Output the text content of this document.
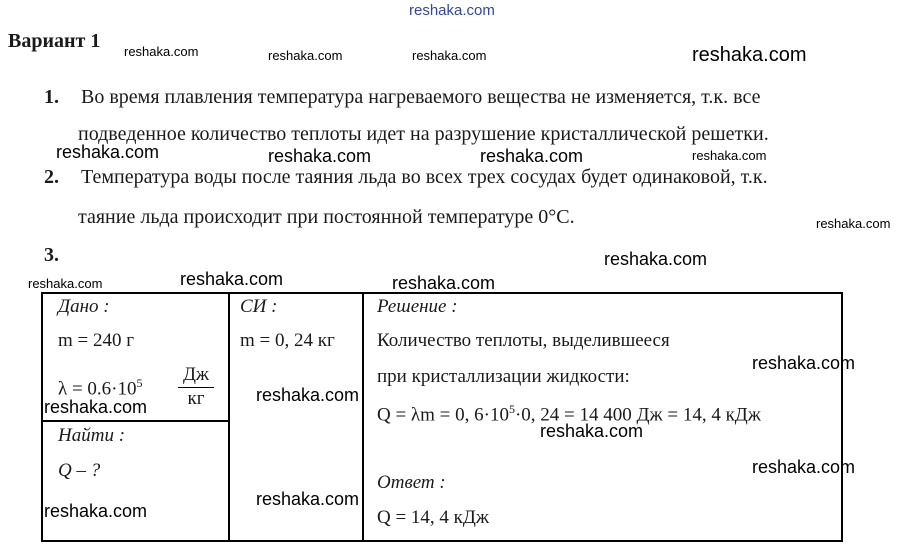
reshaka.com
Вариант 1
1. Во время плавления температура нагреваемого вещества не изменяется, т.к. все
подведенное количество теплоты идет на разрушение кристаллической решетки.
2. Температура воды после таяния льда во всех трех сосудах будет одинаковой, т.к.
таяние льда происходит при постоянной температуре 0°С.
3.
Дано :
m = 240 г
$\lambda = 0.6\cdot 10^5$ Дж
кг
Найти :
Q – ?
СИ :
m = 0, 24 кг
Решение :
Количество теплоты, выделившееся
при кристаллизации жидкости:
Q = λm = 0, $6\cdot 10^5\cdot 0$, 24 = 14 400 Дж = 14, 4 кДж
Ответ :
Q = 14, 4 кДж
reshaka.com	reshaka.com	reshaka.com	reshaka.com
reshaka.com	reshaka.com	reshaka.com	reshaka.com
reshaka.com
reshaka.com
reshaka.com	reshaka.com
reshaka.com
reshaka.com
reshaka.com
reshaka.com
reshaka.com
reshaka.com
reshaka.com
reshaka.com
